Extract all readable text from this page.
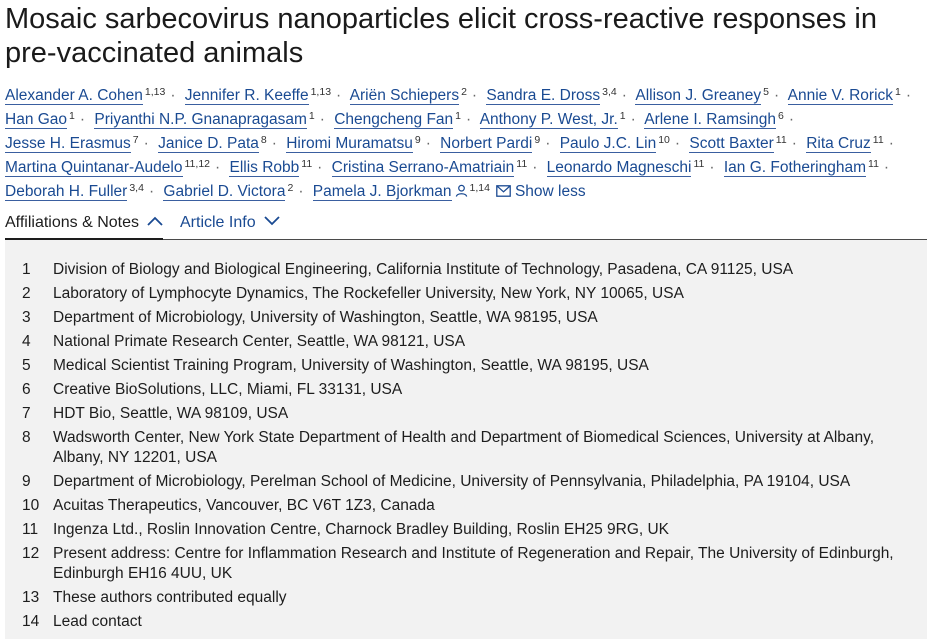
Mosaic sarbecovirus nanoparticles elicit cross-reactive responses in pre-vaccinated animals
Alexander A. Cohen $^{1,13}$ · Jennifer R. Keeffe $^{1,13}$ · Ariën Schiepers $^2$ · Sandra E. Dross $^{3,4}$ · Allison J. Greaney $^5$ · Annie V. Rorick $^1$ · Han Gao $^1$ · Priyanthi N.P. Gnanapragasam $^1$ · Chengcheng Fan $^1$ · Anthony P. West, Jr. $^1$ · Arlene I. Ramsingh $^6$ · Jesse H. Erasmus $^7$ · Janice D. Pata $^8$ · Hiromi Muramatsu $^9$ · Norbert Pardi $^9$ · Paulo J.C. Lin $^{10}$ · Scott Baxter $^{11}$ · Rita Cruz $^{11}$ · Martina Quintanar-Audelo $^{11,12}$ · Ellis Robb $^{11}$ · Cristina Serrano-Amatriain $^{11}$ · Leonardo Magneschi $^{11}$ · Ian G. Fotheringham $^{11}$ · Deborah H. Fuller $^{3,4}$ · Gabriel D. Victora $^2$ · Pamela J. Bjorkman $^{1,14}$ Show less
Affiliations & Notes	Article Info
1	Division of Biology and Biological Engineering, California Institute of Technology, Pasadena, CA 91125, USA
2	Laboratory of Lymphocyte Dynamics, The Rockefeller University, New York, NY 10065, USA
3	Department of Microbiology, University of Washington, Seattle, WA 98195, USA
4	National Primate Research Center, Seattle, WA 98121, USA
5	Medical Scientist Training Program, University of Washington, Seattle, WA 98195, USA
6	Creative BioSolutions, LLC, Miami, FL 33131, USA
7	HDT Bio, Seattle, WA 98109, USA
8	Wadsworth Center, New York State Department of Health and Department of Biomedical Sciences, University at Albany, Albany, NY 12201, USA
9	Department of Microbiology, Perelman School of Medicine, University of Pennsylvania, Philadelphia, PA 19104, USA
10 Acuitas Therapeutics, Vancouver, BC V6T 1Z3, Canada
11 Ingenza Ltd., Roslin Innovation Centre, Charnock Bradley Building, Roslin EH25 9RG, UK
12 Present address: Centre for Inflammation Research and Institute of Regeneration and Repair, The University of Edinburgh, Edinburgh EH16 4UU, UK
13 These authors contributed equally
14 Lead contact
